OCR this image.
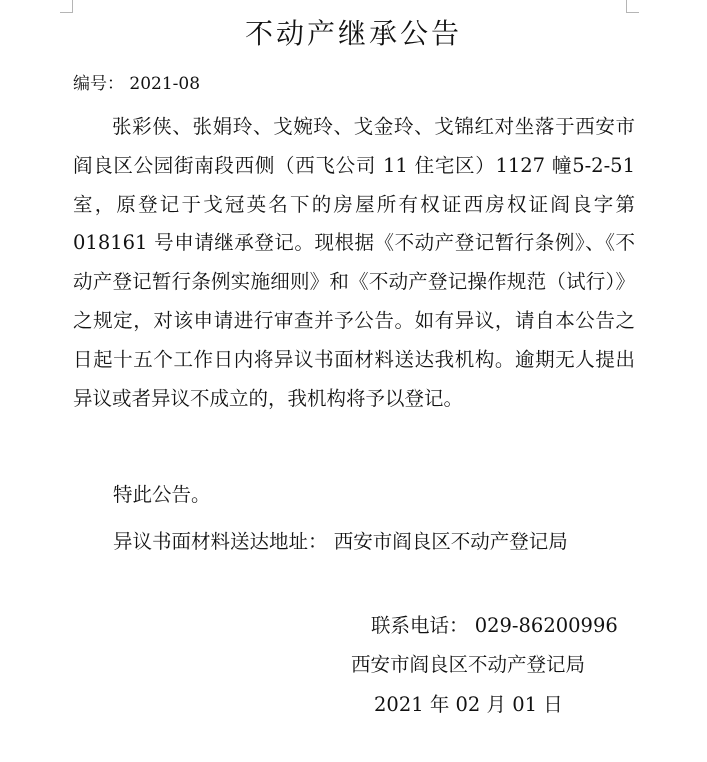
不动产继承公告
编号： 2021-08

张彩侠、张娟玲、戈婉玲、戈金玲、戈锦红对坐落于西安市阎良区公园街南段西侧（西飞公司 11 住宅区）1127 幢5-2-51 室，原登记于戈冠英名下的房屋所有权证西房权证阎良字第 018161 号申请继承登记。现根据《不动产登记暂行条例》、《不动产登记暂行条例实施细则》和《不动产登记操作规范（试行）》之规定，对该申请进行审查并予公告。如有异议，请自本公告之日起十五个工作日内将异议书面材料送达我机构。逾期无人提出异议或者异议不成立的，我机构将予以登记。

特此公告。
异议书面材料送达地址： 西安市阎良区不动产登记局
联系电话： 029-86200996
西安市阎良区不动产登记局
2021 年 02 月 01 日
